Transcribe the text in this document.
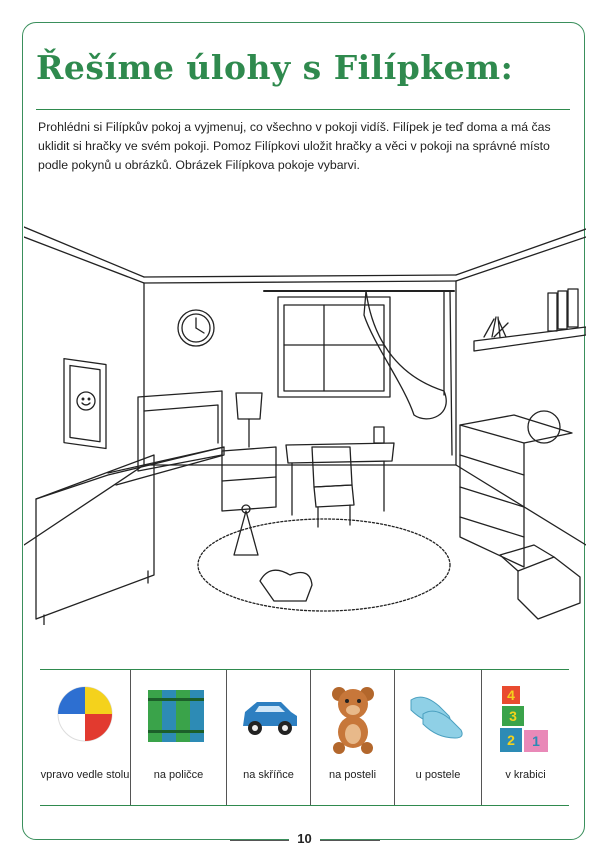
Řešíme úlohy s Filípkem:
Prohlédni si Filípkův pokoj a vyjmenuj, co všechno v pokoji vidíš. Filípek je teď doma a má čas uklidit si hračky ve svém pokoji. Pomoz Filípkovi uložit hračky a věci v pokoji na správné místo podle pokynů u obrázků. Obrázek Filípkova pokoje vybarvi.
vpravo vedle stolu	na poličce	na skříňce	na posteli	u postele
4
3
2 1
v krabici
10
